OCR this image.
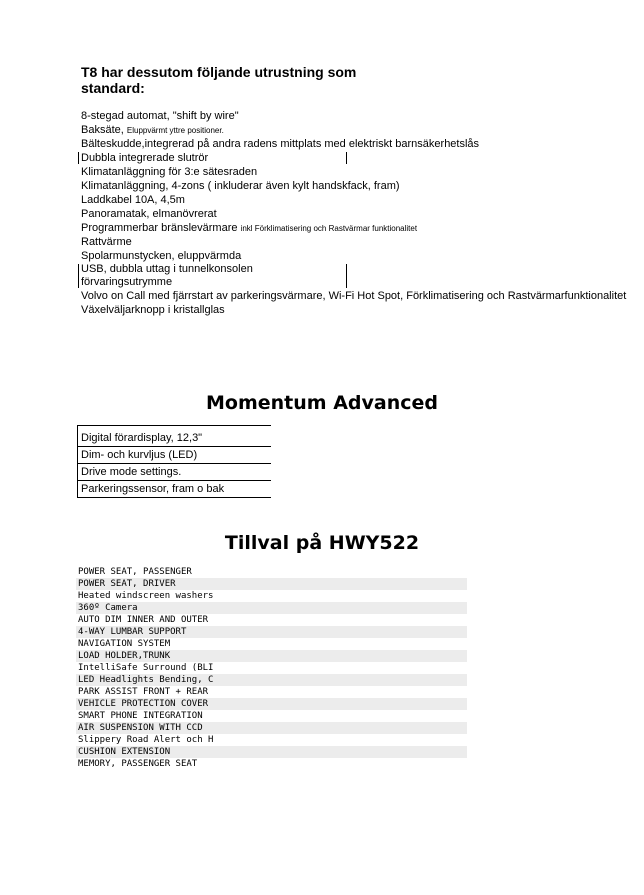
T8 har dessutom följande utrustning som standard:
8-stegad automat, "shift by wire"
Baksäte, Eluppvärmt yttre positioner.
Bälteskudde,integrerad på andra radens mittplats med elektriskt barnsäkerhetslås
Dubbla integrerade slutrör
Klimatanläggning för 3:e sätesraden
Klimatanläggning, 4-zons ( inkluderar även kylt handskfack, fram)
Laddkabel 10A, 4,5m
Panoramatak, elmanövrerat
Programmerbar bränslevärmare inkl Förklimatisering och Rastvärmar funktionalitet
Rattvärme
Spolarmunstycken, eluppvärmda
USB, dubbla uttag i tunnelkonsolen förvaringsutrymme
Volvo on Call med fjärrstart av parkeringsvärmare, Wi-Fi Hot Spot, Förklimatisering och Rastvärmarfunktionalitet
Växelväljarknopp i kristallglas
Momentum Advanced
Digital förardisplay, 12,3"
Dim- och kurvljus (LED)
Drive mode settings.
Parkeringssensor, fram o bak
Tillval på HWY522
POWER SEAT, PASSENGER
POWER SEAT, DRIVER
Heated windscreen washers
360º Camera
AUTO DIM INNER AND OUTER
4-WAY LUMBAR SUPPORT
NAVIGATION SYSTEM
LOAD HOLDER,TRUNK
IntelliSafe Surround (BLI
LED Headlights Bending, C
PARK ASSIST FRONT + REAR
VEHICLE PROTECTION COVER
SMART PHONE INTEGRATION
AIR SUSPENSION WITH CCD
Slippery Road Alert och H
CUSHION EXTENSION
MEMORY, PASSENGER SEAT
